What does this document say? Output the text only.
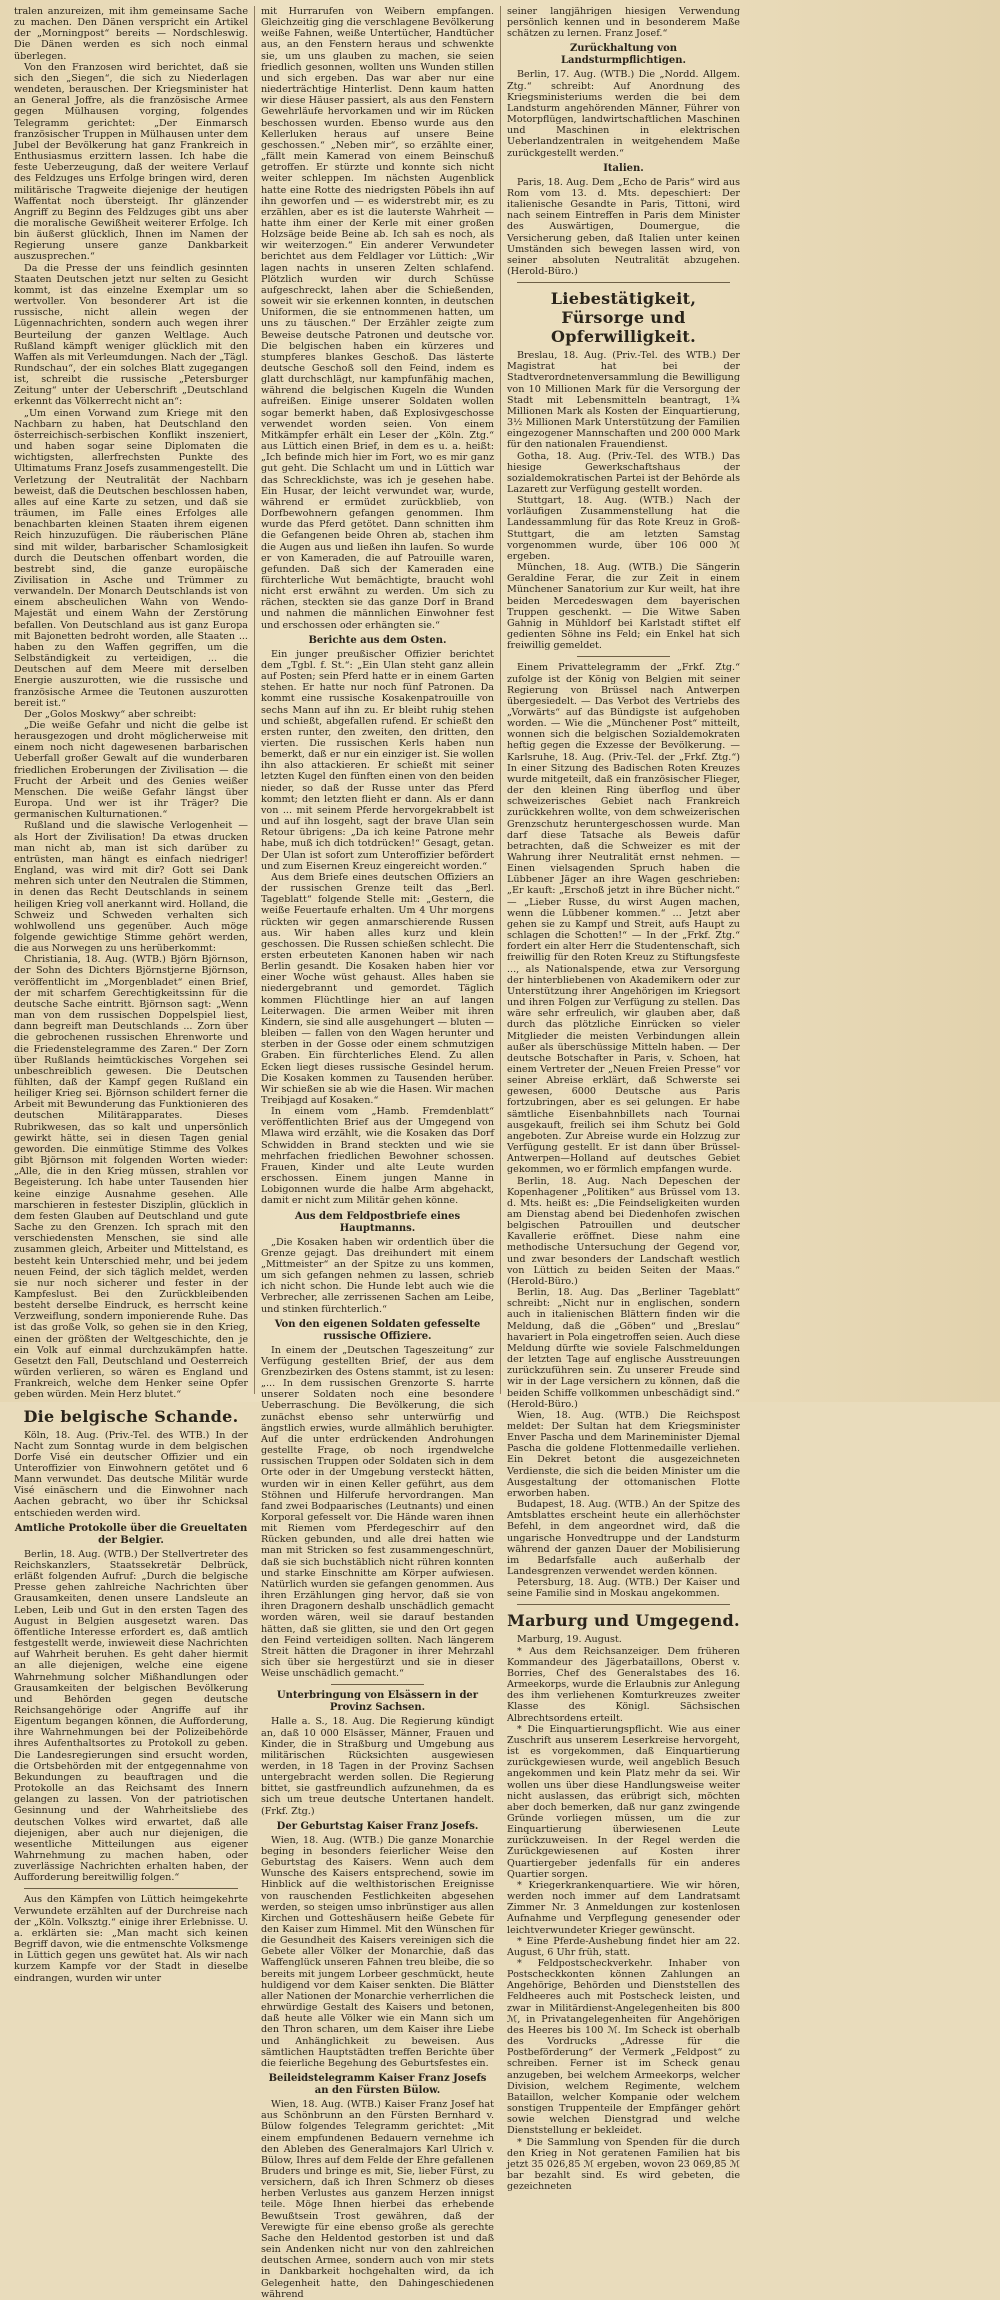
tralen anzureizen, mit ihm gemeinsame Sache zu machen. Den Dänen verspricht ein Artikel der „Morningpost“ bereits — Nordschleswig. Die Dänen werden es sich noch einmal überlegen.

Von den Franzosen wird berichtet, daß sie sich den „Siegen“, die sich zu Niederlagen wendeten, berauschen. Der Kriegsminister hat an General Joffre, als die französische Armee gegen Mülhausen vorging, folgendes Telegramm gerichtet: „Der Einmarsch französischer Truppen in Mülhausen unter dem Jubel der Bevölkerung hat ganz Frankreich in Enthusiasmus erzittern lassen. Ich habe die feste Ueberzeugung, daß der weitere Verlauf des Feldzuges uns Erfolge bringen wird, deren militärische Tragweite diejenige der heutigen Waffentat noch übersteigt. Ihr glänzender Angriff zu Beginn des Feldzuges gibt uns aber die moralische Gewißheit weiterer Erfolge. Ich bin äußerst glücklich, Ihnen im Namen der Regierung unsere ganze Dankbarkeit auszusprechen.“

Da die Presse der uns feindlich gesinnten Staaten Deutschen jetzt nur selten zu Gesicht kommt, ist das einzelne Exemplar um so wertvoller. Von besonderer Art ist die russische, nicht allein wegen der Lügennachrichten, sondern auch wegen ihrer Beurteilung der ganzen Weltlage. Auch Rußland kämpft weniger glücklich mit den Waffen als mit Verleumdungen. Nach der „Tägl. Rundschau“, der ein solches Blatt zugegangen ist, schreibt die russische „Petersburger Zeitung“ unter der Ueberschrift „Deutschland erkennt das Völkerrecht nicht an“:

„Um einen Vorwand zum Kriege mit den Nachbarn zu haben, hat Deutschland den österreichisch-serbischen Konflikt inszeniert, und haben sogar seine Diplomaten die wichtigsten, allerfrechsten Punkte des Ultimatums Franz Josefs zusammengestellt. Die Verletzung der Neutralität der Nachbarn beweist, daß die Deutschen beschlossen haben, alles auf eine Karte zu setzen, und daß sie träumen, im Falle eines Erfolges alle benachbarten kleinen Staaten ihrem eigenen Reich hinzuzufügen. Die räuberischen Pläne sind mit wilder, barbarischer Schamlosigkeit durch die Deutschen offenbart worden, die bestrebt sind, die ganze europäische Zivilisation in Asche und Trümmer zu verwandeln. Der Monarch Deutschlands ist von einem abscheulichen Wahn von Wendo-Majestät und einem Wahn der Zerstörung befallen. Von Deutschland aus ist ganz Europa mit Bajonetten bedroht worden, alle Staaten ... haben zu den Waffen gegriffen, um die Selbständigkeit zu verteidigen, ... die Deutschen auf dem Meere mit derselben Energie auszurotten, wie die russische und französische Armee die Teutonen auszurotten bereit ist.“

Der „Golos Moskwy“ aber schreibt:

„Die weiße Gefahr und nicht die gelbe ist herausgezogen und droht möglicherweise mit einem noch nicht dagewesenen barbarischen Ueberfall großer Gewalt auf die wunderbaren friedlichen Eroberungen der Zivilisation — die Frucht der Arbeit und des Genies weißer Menschen. Die weiße Gefahr längst über Europa. Und wer ist ihr Träger? Die germanischen Kulturnationen.“

Rußland und die slawische Verlogenheit — als Hort der Zivilisation! Da etwas drucken man nicht ab, man ist sich darüber zu entrüsten, man hängt es einfach niedriger! England, was wird mit dir? Gott sei Dank mehren sich unter den Neutralen die Stimmen, in denen das Recht Deutschlands in seinem heiligen Krieg voll anerkannt wird. Holland, die Schweiz und Schweden verhalten sich wohlwollend uns gegenüber. Auch möge folgende gewichtige Stimme gehört werden, die aus Norwegen zu uns herüberkommt:

Christiania, 18. Aug. (WTB.) Björn Björnson, der Sohn des Dichters Björnstjerne Björnson, veröffentlicht im „Morgenbladet“ einen Brief, der mit scharfem Gerechtigkeitssinn für die deutsche Sache eintritt. Björnson sagt: „Wenn man von dem russischen Doppelspiel liest, dann begreift man Deutschlands ... Zorn über die gebrochenen russischen Ehrenworte und die Friedenstelegramme des Zaren.“ Der Zorn über Rußlands heimtückisches Vorgehen sei unbeschreiblich gewesen. Die Deutschen fühlten, daß der Kampf gegen Rußland ein heiliger Krieg sei. Björnson schildert ferner die Arbeit mit Bewunderung das Funktionieren des deutschen Militärapparates. Dieses Rubrikwesen, das so kalt und unpersönlich gewirkt hätte, sei in diesen Tagen genial geworden. Die einmütige Stimme des Volkes gibt Björnson mit folgenden Worten wieder: „Alle, die in den Krieg müssen, strahlen vor Begeisterung. Ich habe unter Tausenden hier keine einzige Ausnahme gesehen. Alle marschieren in festester Disziplin, glücklich in dem festen Glauben auf Deutschland und gute Sache zu den Grenzen. Ich sprach mit den verschiedensten Menschen, sie sind alle zusammen gleich, Arbeiter und Mittelstand, es besteht kein Unterschied mehr, und bei jedem neuen Feind, der sich täglich meldet, werden sie nur noch sicherer und fester in der Kampfeslust. Bei den Zurückbleibenden besteht derselbe Eindruck, es herrscht keine Verzweiflung, sondern imponierende Ruhe. Das ist das große Volk, so gehen sie in den Krieg, einen der größten der Weltgeschichte, den je ein Volk auf einmal durchzukämpfen hatte. Gesetzt den Fall, Deutschland und Oesterreich würden verlieren, so wären es England und Frankreich, welche dem Henker seine Opfer geben würden. Mein Herz blutet.“

Die belgische Schande.

Köln, 18. Aug. (Priv.-Tel. des WTB.) In der Nacht zum Sonntag wurde in dem belgischen Dorfe Visé ein deutscher Offizier und ein Unteroffizier von Einwohnern getötet und 6 Mann verwundet. Das deutsche Militär wurde Visé einäschern und die Einwohner nach Aachen gebracht, wo über ihr Schicksal entschieden werden wird.

Amtliche Protokolle über die Greueltaten der Belgier.

Berlin, 18. Aug. (WTB.) Der Stellvertreter des Reichskanzlers, Staatssekretär Delbrück, erläßt folgenden Aufruf: „Durch die belgische Presse gehen zahlreiche Nachrichten über Grausamkeiten, denen unsere Landsleute an Leben, Leib und Gut in den ersten Tagen des August in Belgien ausgesetzt waren. Das öffentliche Interesse erfordert es, daß amtlich festgestellt werde, inwieweit diese Nachrichten auf Wahrheit beruhen. Es geht daher hiermit an alle diejenigen, welche eine eigene Wahrnehmung solcher Mißhandlungen oder Grausamkeiten der belgischen Bevölkerung und Behörden gegen deutsche Reichsangehörige oder Angriffe auf ihr Eigentum begangen können, die Aufforderung, ihre Wahrnehmungen bei der Polizeibehörde ihres Aufenthaltsortes zu Protokoll zu geben. Die Landesregierungen sind ersucht worden, die Ortsbehörden mit der entgegennahme von Bekundungen zu beauftragen und die Protokolle an das Reichsamt des Innern gelangen zu lassen. Von der patriotischen Gesinnung und der Wahrheitsliebe des deutschen Volkes wird erwartet, daß alle diejenigen, aber auch nur diejenigen, die wesentliche Mitteilungen aus eigener Wahrnehmung zu machen haben, oder zuverlässige Nachrichten erhalten haben, der Aufforderung bereitwillig folgen.“

Aus den Kämpfen von Lüttich heimgekehrte Verwundete erzählten auf der Durchreise nach der „Köln. Volksztg.“ einige ihrer Erlebnisse. U. a. erklärten sie: „Man macht sich keinen Begriff davon, wie die entmenschte Volksmenge in Lüttich gegen uns gewütet hat. Als wir nach kurzem Kampfe vor der Stadt in dieselbe eindrangen, wurden wir unter

mit Hurrarufen von Weibern empfangen. Gleichzeitig ging die verschlagene Bevölkerung weiße Fahnen, weiße Untertücher, Handtücher aus, an den Fenstern heraus und schwenkte sie, um uns glauben zu machen, sie seien friedlich gesonnen, wollten uns Wunden stillen und sich ergeben. Das war aber nur eine niederträchtige Hinterlist. Denn kaum hatten wir diese Häuser passiert, als aus den Fenstern Gewehrläufe hervorkamen und wir im Rücken beschossen wurden. Ebenso wurde aus den Kellerluken heraus auf unsere Beine geschossen.“ „Neben mir“, so erzählte einer, „fällt mein Kamerad von einem Beinschuß getroffen. Er stürzte und konnte sich nicht weiter schleppen. Im nächsten Augenblick hatte eine Rotte des niedrigsten Pöbels ihn auf ihn geworfen und — es widerstrebt mir, es zu erzählen, aber es ist die lauterste Wahrheit — hatte ihm einer der Kerle mit einer großen Holzsäge beide Beine ab. Ich sah es noch, als wir weiterzogen.“ Ein anderer Verwundeter berichtet aus dem Feldlager vor Lüttich: „Wir lagen nachts in unseren Zelten schlafend. Plötzlich wurden wir durch Schüsse aufgeschreckt, lahen aber die Schießenden, soweit wir sie erkennen konnten, in deutschen Uniformen, die sie entnommenen hatten, um uns zu täuschen.“ Der Erzähler zeigte zum Beweise deutsche Patronen und deutsche vor. Die belgischen haben ein kürzeres und stumpferes blankes Geschoß. Das lästerte deutsche Geschoß soll den Feind, indem es glatt durchschlägt, nur kampfunfähig machen, während die belgischen Kugeln die Wunden aufreißen. Einige unserer Soldaten wollen sogar bemerkt haben, daß Explosivgeschosse verwendet worden seien. Von einem Mitkämpfer erhält ein Leser der „Köln. Ztg.“ aus Lüttich einen Brief, in dem es u. a. heißt: „Ich befinde mich hier im Fort, wo es mir ganz gut geht. Die Schlacht um und in Lüttich war das Schrecklichste, was ich je gesehen habe. Ein Husar, der leicht verwundet war, wurde, während er ermüdet zurückblieb, von Dorfbewohnern gefangen genommen. Ihm wurde das Pferd getötet. Dann schnitten ihm die Gefangenen beide Ohren ab, stachen ihm die Augen aus und ließen ihn laufen. So wurde er von Kameraden, die auf Patrouille waren, gefunden. Daß sich der Kameraden eine fürchterliche Wut bemächtigte, braucht wohl nicht erst erwähnt zu werden. Um sich zu rächen, steckten sie das ganze Dorf in Brand und nahmen die männlichen Einwohner fest und erschossen oder erhängten sie.“

Berichte aus dem Osten.

Ein junger preußischer Offizier berichtet dem „Tgbl. f. St.“: „Ein Ulan steht ganz allein auf Posten; sein Pferd hatte er in einem Garten stehen. Er hatte nur noch fünf Patronen. Da kommt eine russische Kosakenpatrouille von sechs Mann auf ihn zu. Er bleibt ruhig stehen und schießt, abgefallen rufend. Er schießt den ersten runter, den zweiten, den dritten, den vierten. Die russischen Kerls haben nun bemerkt, daß er nur ein einziger ist. Sie wollen ihn also attackieren. Er schießt mit seiner letzten Kugel den fünften einen von den beiden nieder, so daß der Russe unter das Pferd kommt; den letzten flieht er dann. Als er dann von ... mit seinem Pferde hervorgekrabbelt ist und auf ihn losgeht, sagt der brave Ulan sein Retour übrigens: „Da ich keine Patrone mehr habe, muß ich dich totdrücken!“ Gesagt, getan. Der Ulan ist sofort zum Unteroffizier befördert und zum Eisernen Kreuz eingereicht worden.“

Aus dem Briefe eines deutschen Offiziers an der russischen Grenze teilt das „Berl. Tageblatt“ folgende Stelle mit: „Gestern, die weiße Feuertaufe erhalten. Um 4 Uhr morgens rückten wir gegen anmarschierende Russen aus. Wir haben alles kurz und klein geschossen. Die Russen schießen schlecht. Die ersten erbeuteten Kanonen haben wir nach Berlin gesandt. Die Kosaken haben hier vor einer Woche wüst gehaust. Alles haben sie niedergebrannt und gemordet. Täglich kommen Flüchtlinge hier an auf langen Leiterwagen. Die armen Weiber mit ihren Kindern, sie sind alle ausgehungert — bluten — bleiben — fallen von den Wagen herunter und sterben in der Gosse oder einem schmutzigen Graben. Ein fürchterliches Elend. Zu allen Ecken liegt dieses russische Gesindel herum. Die Kosaken kommen zu Tausenden herüber. Wir schießen sie ab wie die Hasen. Wir machen Treibjagd auf Kosaken.“

In einem vom „Hamb. Fremdenblatt“ veröffentlichten Brief aus der Umgegend von Mlawa wird erzählt, wie die Kosaken das Dorf Schwidden in Brand steckten und wie sie mehrfachen friedlichen Bewohner schossen. Frauen, Kinder und alte Leute wurden erschossen. Einem jungen Manne in Lobigonnen wurde die halbe Arm abgehackt, damit er nicht zum Militär gehen könne.

Aus dem Feldpostbriefe eines Hauptmanns.

„Die Kosaken haben wir ordentlich über die Grenze gejagt. Das dreihundert mit einem „Mittmeister“ an der Spitze zu uns kommen, um sich gefangen nehmen zu lassen, schrieb ich nicht schon. Die Hunde lebt auch wie die Verbrecher, alle zerrissenen Sachen am Leibe, und stinken fürchterlich.“

Von den eigenen Soldaten gefesselte russische Offiziere.

In einem der „Deutschen Tageszeitung“ zur Verfügung gestellten Brief, der aus dem Grenzbezirken des Ostens stammt, ist zu lesen: „... In dem russischen Grenzorte S. harrte unserer Soldaten noch eine besondere Ueberraschung. Die Bevölkerung, die sich zunächst ebenso sehr unterwürfig und ängstlich erwies, wurde allmählich beruhigter. Auf die unter erdrückenden Androhungen gestellte Frage, ob noch irgendwelche russischen Truppen oder Soldaten sich in dem Orte oder in der Umgebung versteckt hätten, wurden wir in einen Keller geführt, aus dem Stöhnen und Hilferufe hervordrangen. Man fand zwei Bodpaarisches (Leutnants) und einen Korporal gefesselt vor. Die Hände waren ihnen mit Riemen vom Pferdegeschirr auf den Rücken gebunden, und alle drei hatten wie man mit Stricken so fest zusammengeschnürt, daß sie sich buchstäblich nicht rühren konnten und starke Einschnitte am Körper aufwiesen. Natürlich wurden sie gefangen genommen. Aus ihren Erzählungen ging hervor, daß sie von ihren Dragonern deshalb unschädlich gemacht worden wären, weil sie darauf bestanden hätten, daß sie glitten, sie und den Ort gegen den Feind verteidigen sollten. Nach längerem Streit hätten die Dragoner in ihrer Mehrzahl sich über sie hergestürzt und sie in dieser Weise unschädlich gemacht.“

Unterbringung von Elsässern in der Provinz Sachsen.

Halle a. S., 18. Aug. Die Regierung kündigt an, daß 10 000 Elsässer, Männer, Frauen und Kinder, die in Straßburg und Umgebung aus militärischen Rücksichten ausgewiesen werden, in 18 Tagen in der Provinz Sachsen untergebracht werden sollen. Die Regierung bittet, sie gastfreundlich aufzunehmen, da es sich um treue deutsche Untertanen handelt. (Frkf. Ztg.)

Der Geburtstag Kaiser Franz Josefs.

Wien, 18. Aug. (WTB.) Die ganze Monarchie beging in besonders feierlicher Weise den Geburtstag des Kaisers. Wenn auch dem Wunsche des Kaisers entsprechend, sowie im Hinblick auf die welthistorischen Ereignisse von rauschenden Festlichkeiten abgesehen werden, so steigen umso inbrünstiger aus allen Kirchen und Gotteshäusern heiße Gebete für den Kaiser zum Himmel. Mit den Wünschen für die Gesundheit des Kaisers vereinigen sich die Gebete aller Völker der Monarchie, daß das Waffenglück unseren Fahnen treu bleibe, die so bereits mit jungem Lorbeer geschmückt, heute huldigend vor dem Kaiser senkten. Die Blätter aller Nationen der Monarchie verherrlichen die ehrwürdige Gestalt des Kaisers und betonen, daß heute alle Völker wie ein Mann sich um den Thron scharen, um dem Kaiser ihre Liebe und Anhänglichkeit zu beweisen. Aus sämtlichen Hauptstädten treffen Berichte über die feierliche Begehung des Geburtsfestes ein.

Beileidstelegramm Kaiser Franz Josefs an den Fürsten Bülow.

Wien, 18. Aug. (WTB.) Kaiser Franz Josef hat aus Schönbrunn an den Fürsten Bernhard v. Bülow folgendes Telegramm gerichtet: „Mit einem empfundenen Bedauern vernehme ich den Ableben des Generalmajors Karl Ulrich v. Bülow, Ihres auf dem Felde der Ehre gefallenen Bruders und bringe es mit, Sie, lieber Fürst, zu versichern, daß ich Ihren Schmerz ob dieses herben Verlustes aus ganzem Herzen innigst teile. Möge Ihnen hierbei das erhebende Bewußtsein Trost gewähren, daß der Verewigte für eine ebenso große als gerechte Sache den Heldentod gestorben ist und daß sein Andenken nicht nur von den zahlreichen deutschen Armee, sondern auch von mir stets in Dankbarkeit hochgehalten wird, da ich Gelegenheit hatte, den Dahingeschiedenen während

seiner langjährigen hiesigen Verwendung persönlich kennen und in besonderem Maße schätzen zu lernen. Franz Josef.“

Zurückhaltung von Landsturmpflichtigen.

Berlin, 17. Aug. (WTB.) Die „Nordd. Allgem. Ztg.“ schreibt: Auf Anordnung des Kriegsministeriums werden die bei dem Landsturm angehörenden Männer, Führer von Motorpflügen, landwirtschaftlichen Maschinen und Maschinen in elektrischen Ueberlandzentralen in weitgehendem Maße zurückgestellt werden.“

Italien.

Paris, 18. Aug. Dem „Echo de Paris“ wird aus Rom vom 13. d. Mts. depeschiert: Der italienische Gesandte in Paris, Tittoni, wird nach seinem Eintreffen in Paris dem Minister des Auswärtigen, Doumergue, die Versicherung geben, daß Italien unter keinen Umständen sich bewegen lassen wird, von seiner absoluten Neutralität abzugehen. (Herold-Büro.)

Liebestätigkeit, Fürsorge und Opferwilligkeit.

Breslau, 18. Aug. (Priv.-Tel. des WTB.) Der Magistrat hat bei der Stadtverordnetenversammlung die Bewilligung von 10 Millionen Mark für die Versorgung der Stadt mit Lebensmitteln beantragt, 1¾ Millionen Mark als Kosten der Einquartierung, 3½ Millionen Mark Unterstützung der Familien eingezogener Mannschaften und 200 000 Mark für den nationalen Frauendienst.

Gotha, 18. Aug. (Priv.-Tel. des WTB.) Das hiesige Gewerkschaftshaus der sozialdemokratischen Partei ist der Behörde als Lazarett zur Verfügung gestellt worden.

Stuttgart, 18. Aug. (WTB.) Nach der vorläufigen Zusammenstellung hat die Landessammlung für das Rote Kreuz in Groß-Stuttgart, die am letzten Samstag vorgenommen wurde, über 106 000 ℳ ergeben.

München, 18. Aug. (WTB.) Die Sängerin Geraldine Ferar, die zur Zeit in einem Münchener Sanatorium zur Kur weilt, hat ihre beiden Mercedeswagen dem bayerischen Truppen geschenkt. — Die Witwe Saben Gahnig in Mühldorf bei Karlstadt stiftet elf gedienten Söhne ins Feld; ein Enkel hat sich freiwillig gemeldet.

Einem Privattelegramm der „Frkf. Ztg.“ zufolge ist der König von Belgien mit seiner Regierung von Brüssel nach Antwerpen übergesiedelt. — Das Verbot des Vertriebs des „Vorwärts“ auf das Bündigste ist aufgehoben worden. — Wie die „Münchener Post“ mitteilt, wonnen sich die belgischen Sozialdemokraten heftig gegen die Exzesse der Bevölkerung. — Karlsruhe, 18. Aug. (Priv.-Tel. der „Frkf. Ztg.“) In einer Sitzung des Badischen Roten Kreuzes wurde mitgeteilt, daß ein französischer Flieger, der den kleinen Ring überflog und über schweizerisches Gebiet nach Frankreich zurückkehren wollte, von dem schweizerischen Grenzschutz heruntergeschossen wurde. Man darf diese Tatsache als Beweis dafür betrachten, daß die Schweizer es mit der Wahrung ihrer Neutralität ernst nehmen. — Einen vielsagenden Spruch haben die Lübbener Jäger an ihre Wagen geschrieben: „Er kauft: „Erschoß jetzt in ihre Bücher nicht.“ — „Lieber Russe, du wirst Augen machen, wenn die Lübbener kommen.“ ... Jetzt aber gehen sie zu Kampf und Streit, aufs Haupt zu schlagen die Schotten!“ — In der „Frkf. Ztg.“ fordert ein alter Herr die Studentenschaft, sich freiwillig für den Roten Kreuz zu Stiftungsfeste ..., als Nationalspende, etwa zur Versorgung der hinterbliebenen von Akademikern oder zur Unterstützung ihrer Angehörigen im Kriegsort und ihren Folgen zur Verfügung zu stellen. Das wäre sehr erfreulich, wir glauben aber, daß durch das plötzliche Einrücken so vieler Mitglieder die meisten Verbindungen allein außer als überschüssige Mitteln haben. — Der deutsche Botschafter in Paris, v. Schoen, hat einem Vertreter der „Neuen Freien Presse“ vor seiner Abreise erklärt, daß Schwerste sei gewesen, 6000 Deutsche aus Paris fortzubringen, aber es sei gelungen. Er habe sämtliche Eisenbahnbillets nach Tournai ausgekauft, freilich sei ihm Schutz bei Gold angeboten. Zur Abreise wurde ein Holzzug zur Verfügung gestellt. Er ist dann über Brüssel-Antwerpen—Holland auf deutsches Gebiet gekommen, wo er förmlich empfangen wurde.

Berlin, 18. Aug. Nach Depeschen der Kopenhagener „Politiken“ aus Brüssel vom 13. d. Mts. heißt es: „Die Feindseligkeiten wurden am Dienstag abend bei Diedenhofen zwischen belgischen Patrouillen und deutscher Kavallerie eröffnet. Diese nahm eine methodische Untersuchung der Gegend vor, und zwar besonders der Landschaft westlich von Lüttich zu beiden Seiten der Maas.“ (Herold-Büro.)

Berlin, 18. Aug. Das „Berliner Tageblatt“ schreibt: „Nicht nur in englischen, sondern auch in italienischen Blättern finden wir die Meldung, daß die „Göben“ und „Breslau“ havariert in Pola eingetroffen seien. Auch diese Meldung dürfte wie soviele Falschmeldungen der letzten Tage auf englische Ausstreuungen zurückzuführen sein. Zu unserer Freude sind wir in der Lage versichern zu können, daß die beiden Schiffe vollkommen unbeschädigt sind.“ (Herold-Büro.)

Wien, 18. Aug. (WTB.) Die Reichspost meldet: Der Sultan hat dem Kriegsminister Enver Pascha und dem Marineminister Djemal Pascha die goldene Flottenmedaille verliehen. Ein Dekret betont die ausgezeichneten Verdienste, die sich die beiden Minister um die Ausgestaltung der ottomanischen Flotte erworben haben.

Budapest, 18. Aug. (WTB.) An der Spitze des Amtsblattes erscheint heute ein allerhöchster Befehl, in dem angeordnet wird, daß die ungarische Honvedtruppe und der Landsturm während der ganzen Dauer der Mobilisierung im Bedarfsfalle auch außerhalb der Landesgrenzen verwendet werden können.

Petersburg, 18. Aug. (WTB.) Der Kaiser und seine Familie sind in Moskau angekommen.

Marburg und Umgegend.

Marburg, 19. August.

* Aus dem Reichsanzeiger. Dem früheren Kommandeur des Jägerbataillons, Oberst v. Borries, Chef des Generalstabes des 16. Armeekorps, wurde die Erlaubnis zur Anlegung des ihm verliehenen Komturkreuzes zweiter Klasse des Königl. Sächsischen Albrechtsordens erteilt.

* Die Einquartierungspflicht. Wie aus einer Zuschrift aus unserem Leserkreise hervorgeht, ist es vorgekommen, daß Einquartierung zurückgewiesen wurde, weil angeblich Besuch angekommen und kein Platz mehr da sei. Wir wollen uns über diese Handlungsweise weiter nicht auslassen, das erübrigt sich, möchten aber doch bemerken, daß nur ganz zwingende Gründe vorliegen müssen, um die zur Einquartierung überwiesenen Leute zurückzuweisen. In der Regel werden die Zurückgewiesenen auf Kosten ihrer Quartiergeber jedenfalls für ein anderes Quartier sorgen.

* Kriegerkrankenquartiere. Wie wir hören, werden noch immer auf dem Landratsamt Zimmer Nr. 3 Anmeldungen zur kostenlosen Aufnahme und Verpflegung genesender oder leichtverwundeter Krieger gewünscht.

* Eine Pferde-Aushebung findet hier am 22. August, 6 Uhr früh, statt.

* Feldpostscheckverkehr. Inhaber von Postscheckkonten können Zahlungen an Angehörige, Behörden und Dienststellen des Feldheeres auch mit Postscheck leisten, und zwar in Militärdienst-Angelegenheiten bis 800 ℳ, in Privatangelegenheiten für Angehörigen des Heeres bis 100 ℳ. Im Scheck ist oberhalb des Vordrucks „Adresse für die Postbeförderung“ der Vermerk „Feldpost“ zu schreiben. Ferner ist im Scheck genau anzugeben, bei welchem Armeekorps, welcher Division, welchem Regimente, welchem Bataillon, welcher Kompanie oder welchem sonstigen Truppenteile der Empfänger gehört sowie welchen Dienstgrad und welche Dienststellung er bekleidet.

* Die Sammlung von Spenden für die durch den Krieg in Not geratenen Familien hat bis jetzt 35 026,85 ℳ ergeben, wovon 23 069,85 ℳ bar bezahlt sind. Es wird gebeten, die gezeichneten
